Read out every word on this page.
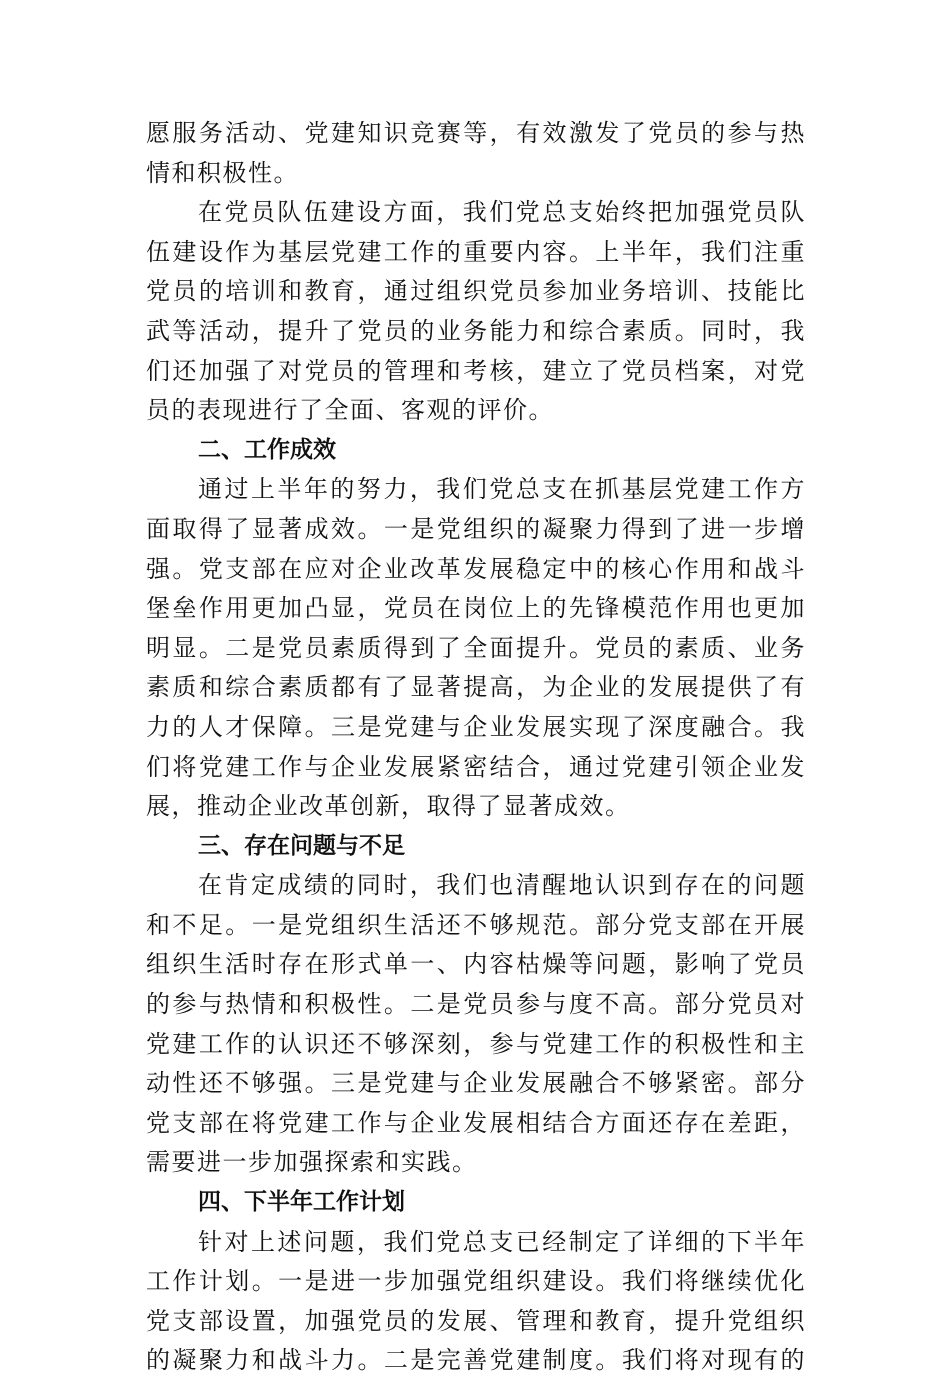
愿服务活动、党建知识竞赛等，有效激发了党员的参与热
情和积极性。
在党员队伍建设方面，我们党总支始终把加强党员队
伍建设作为基层党建工作的重要内容。上半年，我们注重
党员的培训和教育，通过组织党员参加业务培训、技能比
武等活动，提升了党员的业务能力和综合素质。同时，我
们还加强了对党员的管理和考核，建立了党员档案，对党
员的表现进行了全面、客观的评价。
二、工作成效
通过上半年的努力，我们党总支在抓基层党建工作方
面取得了显著成效。一是党组织的凝聚力得到了进一步增
强。党支部在应对企业改革发展稳定中的核心作用和战斗
堡垒作用更加凸显，党员在岗位上的先锋模范作用也更加
明显。二是党员素质得到了全面提升。党员的素质、业务
素质和综合素质都有了显著提高，为企业的发展提供了有
力的人才保障。三是党建与企业发展实现了深度融合。我
们将党建工作与企业发展紧密结合，通过党建引领企业发
展，推动企业改革创新，取得了显著成效。
三、存在问题与不足
在肯定成绩的同时，我们也清醒地认识到存在的问题
和不足。一是党组织生活还不够规范。部分党支部在开展
组织生活时存在形式单一、内容枯燥等问题，影响了党员
的参与热情和积极性。二是党员参与度不高。部分党员对
党建工作的认识还不够深刻，参与党建工作的积极性和主
动性还不够强。三是党建与企业发展融合不够紧密。部分
党支部在将党建工作与企业发展相结合方面还存在差距，
需要进一步加强探索和实践。
四、下半年工作计划
针对上述问题，我们党总支已经制定了详细的下半年
工作计划。一是进一步加强党组织建设。我们将继续优化
党支部设置，加强党员的发展、管理和教育，提升党组织
的凝聚力和战斗力。二是完善党建制度。我们将对现有的
